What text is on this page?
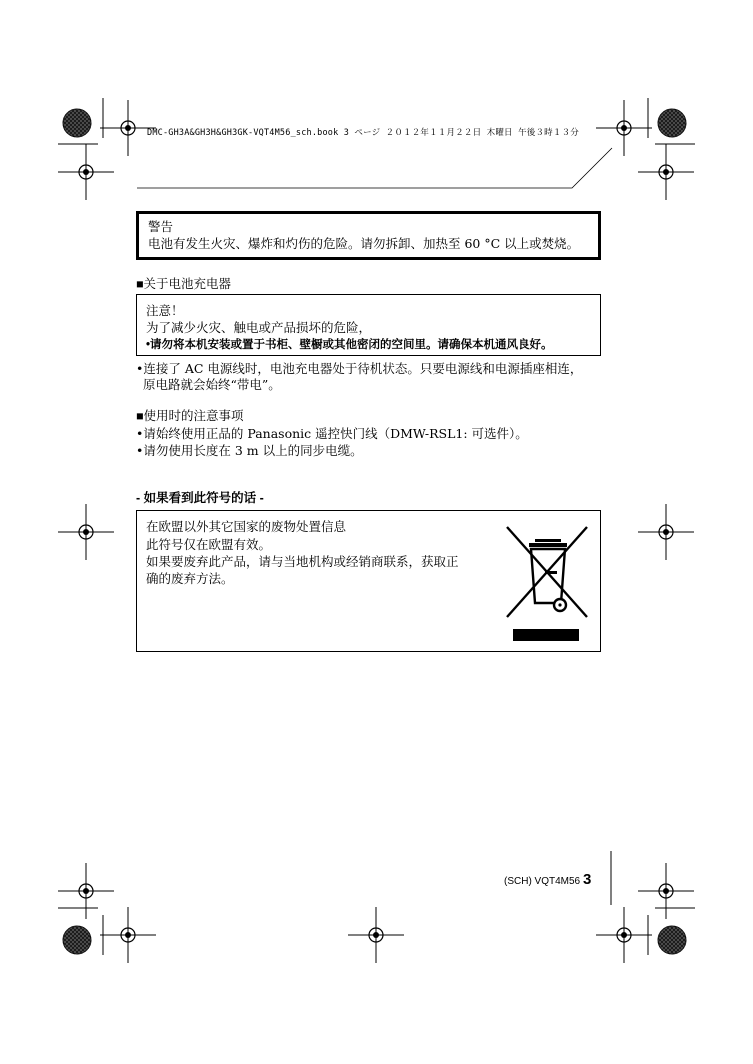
DMC-GH3A&GH3H&GH3GK-VQT4M56_sch.book 3 ページ ２０１２年１１月２２日 木曜日 午後３時１３分
警告
电池有发生火灾、爆炸和灼伤的危险。请勿拆卸、加热至 60 °C 以上或焚烧。
■关于电池充电器
注意！
为了减少火灾、触电或产品损坏的危险，
•请勿将本机安装或置于书柜、壁橱或其他密闭的空间里。请确保本机通风良好。
•连接了 AC 电源线时，电池充电器处于待机状态。只要电源线和电源插座相连，
原电路就会始终“带电”。
■使用时的注意事项
•请始终使用正品的 Panasonic 遥控快门线（DMW-RSL1: 可选件）。
•请勿使用长度在 3 m 以上的同步电缆。
- 如果看到此符号的话 -
在欧盟以外其它国家的废物处置信息
此符号仅在欧盟有效。
如果要废弃此产品，请与当地机构或经销商联系，获取正
确的废弃方法。
(SCH) VQT4M56 3
